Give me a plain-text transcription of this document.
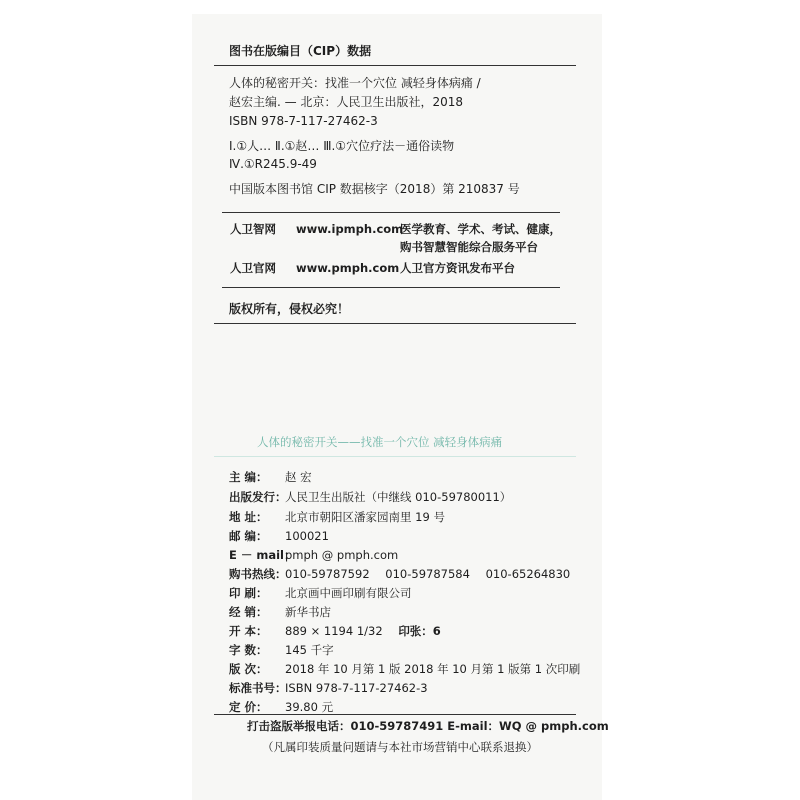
图书在版编目（CIP）数据
人体的秘密开关：找准一个穴位 减轻身体病痛 /
赵宏主编. — 北京：人民卫生出版社，2018
ISBN 978-7-117-27462-3
Ⅰ.①人… Ⅱ.①赵… Ⅲ.①穴位疗法－通俗读物
Ⅳ.①R245.9-49
中国版本图书馆 CIP 数据核字（2018）第 210837 号
人卫智网 www.ipmph.com
医学教育、学术、考试、健康，
购书智慧智能综合服务平台
人卫官网 www.pmph.com 人卫官方资讯发布平台
版权所有，侵权必究！
人体的秘密开关——找准一个穴位 减轻身体病痛
主 编： 赵 宏
出版发行：
人民卫生出版社（中继线 010-59780011）
地 址： 北京市朝阳区潘家园南里 19 号
邮 编： 100021
E － mail：
pmph @ pmph.com
购书热线：
010-59787592 010-59787584 010-65264830
印 刷： 北京画中画印刷有限公司
经 销： 新华书店
开 本： 889 × 1194 1/32 印张：6
字 数： 145 千字
版 次： 2018 年 10 月第 1 版 2018 年 10 月第 1 版第 1 次印刷
标准书号：
ISBN 978-7-117-27462-3
定 价： 39.80 元
打击盗版举报电话：010-59787491 E-mail：WQ @ pmph.com
（凡属印装质量问题请与本社市场营销中心联系退换）
